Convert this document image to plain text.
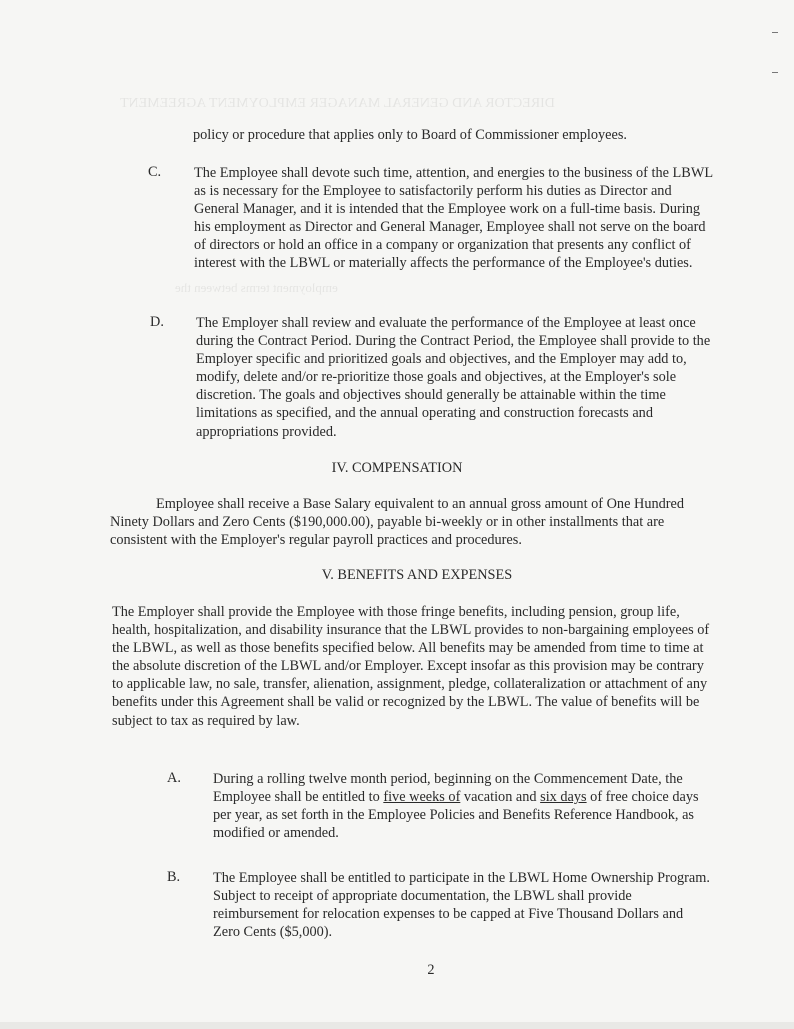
DIRECTOR AND GENERAL MANAGER EMPLOYMENT AGREEMENT
employment terms between the
policy or procedure that applies only to Board of Commissioner employees.
C. The Employee shall devote such time, attention, and energies to the business of the LBWL as is necessary for the Employee to satisfactorily perform his duties as Director and General Manager, and it is intended that the Employee work on a full-time basis. During his employment as Director and General Manager, Employee shall not serve on the board of directors or hold an office in a company or organization that presents any conflict of interest with the LBWL or materially affects the performance of the Employee's duties.
D. The Employer shall review and evaluate the performance of the Employee at least once during the Contract Period. During the Contract Period, the Employee shall provide to the Employer specific and prioritized goals and objectives, and the Employer may add to, modify, delete and/or re-prioritize those goals and objectives, at the Employer's sole discretion. The goals and objectives should generally be attainable within the time limitations as specified, and the annual operating and construction forecasts and appropriations provided.
IV. COMPENSATION
Employee shall receive a Base Salary equivalent to an annual gross amount of One Hundred Ninety Dollars and Zero Cents ($190,000.00), payable bi-weekly or in other installments that are consistent with the Employer's regular payroll practices and procedures.
V. BENEFITS AND EXPENSES
The Employer shall provide the Employee with those fringe benefits, including pension, group life, health, hospitalization, and disability insurance that the LBWL provides to non-bargaining employees of the LBWL, as well as those benefits specified below. All benefits may be amended from time to time at the absolute discretion of the LBWL and/or Employer. Except insofar as this provision may be contrary to applicable law, no sale, transfer, alienation, assignment, pledge, collateralization or attachment of any benefits under this Agreement shall be valid or recognized by the LBWL. The value of benefits will be subject to tax as required by law.
A. During a rolling twelve month period, beginning on the Commencement Date, the Employee shall be entitled to five weeks of vacation and six days of free choice days per year, as set forth in the Employee Policies and Benefits Reference Handbook, as modified or amended.
B. The Employee shall be entitled to participate in the LBWL Home Ownership Program. Subject to receipt of appropriate documentation, the LBWL shall provide reimbursement for relocation expenses to be capped at Five Thousand Dollars and Zero Cents ($5,000).
2
